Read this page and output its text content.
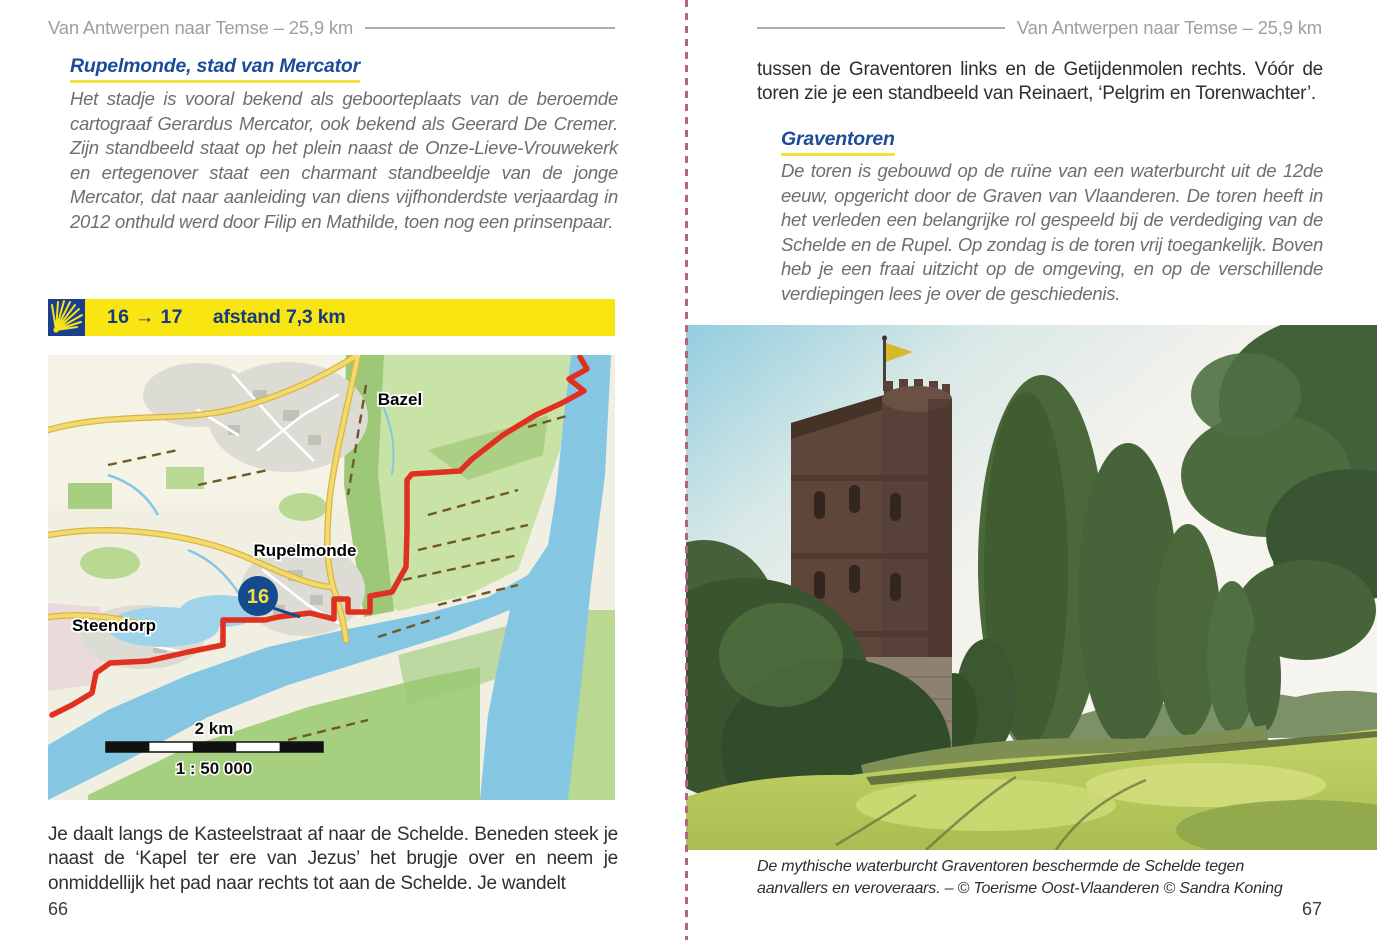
Van Antwerpen naar Temse – 25,9 km
Rupelmonde, stad van Mercator
Het stadje is vooral bekend als geboorteplaats van de beroemde cartograaf Gerardus Mercator, ook bekend als Geerard De Cremer. Zijn standbeeld staat op het plein naast de Onze-Lieve-Vrouwekerk en ertegenover staat een charmant standbeeldje van de jonge Mercator, dat naar aanleiding van diens vijfhonderdste verjaardag in 2012 onthuld werd door Filip en Mathilde, toen nog een prinsenpaar.
16 → 17 afstand 7,3 km
16
Bazel
Rupelmonde
Steendorp
2 km
1 : 50 000
Je daalt langs de Kasteelstraat af naar de Schelde. Beneden steek je naast de ‘Kapel ter ere van Jezus’ het brugje over en neem je onmiddellijk het pad naar rechts tot aan de Schelde. Je wandelt
66
Van Antwerpen naar Temse – 25,9 km
tussen de Graventoren links en de Getijdenmolen rechts. Vóór de toren zie je een standbeeld van Reinaert, ‘Pelgrim en Torenwachter’.
Graventoren
De toren is gebouwd op de ruïne van een waterburcht uit de 12de eeuw, opgericht door de Graven van Vlaanderen. De toren heeft in het verleden een belangrijke rol gespeeld bij de verdediging van de Schelde en de Rupel. Op zondag is de toren vrij toegankelijk. Boven heb je een fraai uitzicht op de omgeving, en op de verschillende verdiepingen lees je over de geschiedenis.
De mythische waterburcht Graventoren beschermde de Schelde tegen aanvallers en veroveraars. – © Toerisme Oost-Vlaanderen © Sandra Koning
67
